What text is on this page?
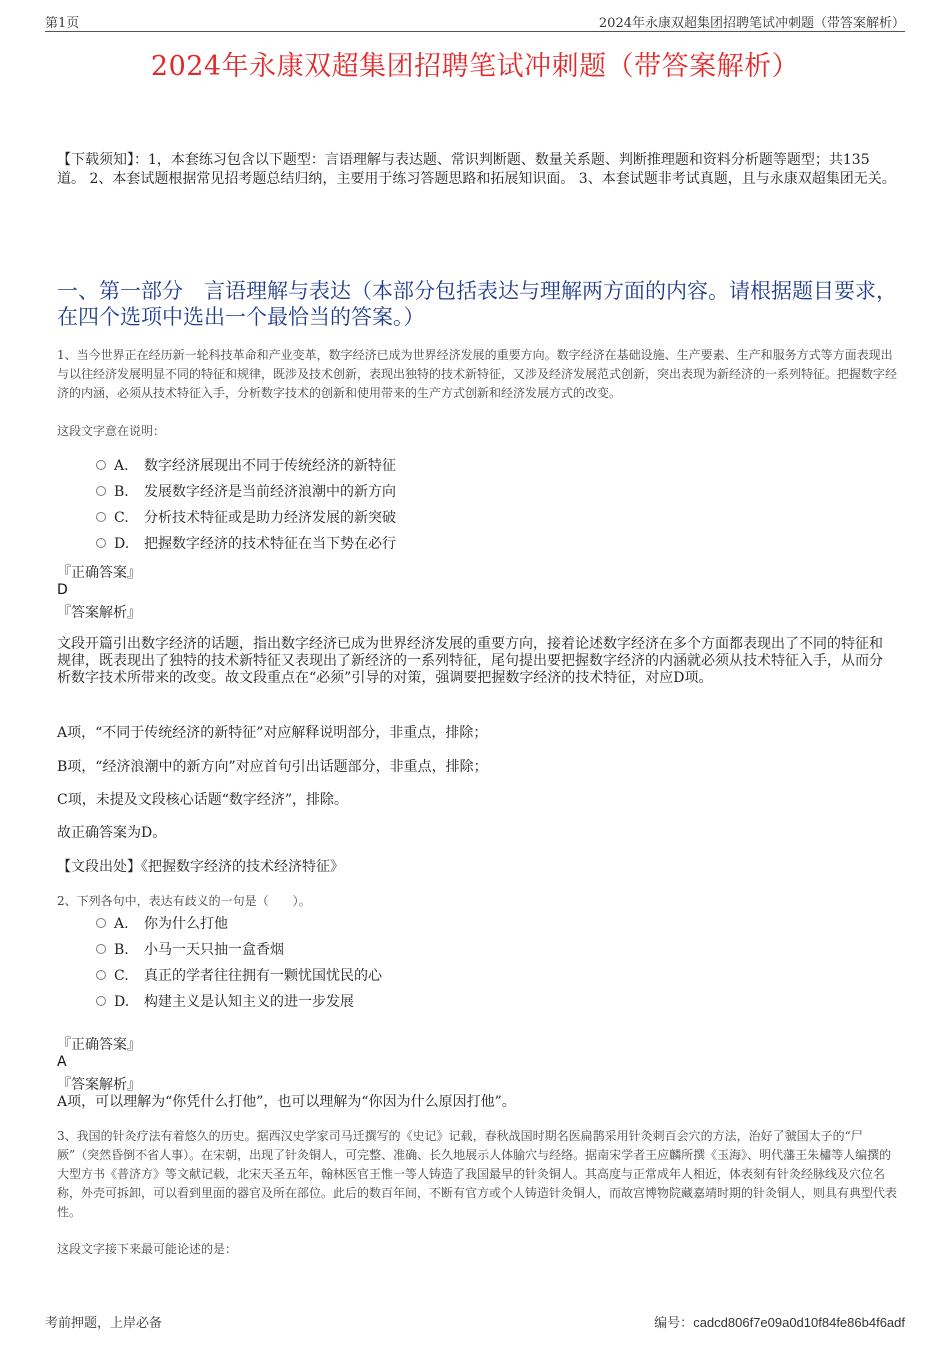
第1页	2024年永康双超集团招聘笔试冲刺题（带答案解析）
2024年永康双超集团招聘笔试冲刺题（带答案解析）
【下载须知】：1，本套练习包含以下题型：言语理解与表达题、常识判断题、数量关系题、判断推理题和资料分析题等题型；共135道。 2、本套试题根据常见招考题总结归纳，主要用于练习答题思路和拓展知识面。 3、本套试题非考试真题，且与永康双超集团无关。
一、第一部分　言语理解与表达（本部分包括表达与理解两方面的内容。请根据题目要求，在四个选项中选出一个最恰当的答案。）
1、当今世界正在经历新一轮科技革命和产业变革，数字经济已成为世界经济发展的重要方向。数字经济在基础设施、生产要素、生产和服务方式等方面表现出与以往经济发展明显不同的特征和规律，既涉及技术创新，表现出独特的技术新特征，又涉及经济发展范式创新，突出表现为新经济的一系列特征。把握数字经济的内涵，必须从技术特征入手，分析数字技术的创新和使用带来的生产方式创新和经济发展方式的改变。
这段文字意在说明：
A. 数字经济展现出不同于传统经济的新特征
B. 发展数字经济是当前经济浪潮中的新方向
C. 分析技术特征或是助力经济发展的新突破
D. 把握数字经济的技术特征在当下势在必行
『正确答案』
D
『答案解析』
文段开篇引出数字经济的话题，指出数字经济已成为世界经济发展的重要方向，接着论述数字经济在多个方面都表现出了不同的特征和规律，既表现出了独特的技术新特征又表现出了新经济的一系列特征，尾句提出要把握数字经济的内涵就必须从技术特征入手，从而分析数字技术所带来的改变。故文段重点在“必须”引导的对策，强调要把握数字经济的技术特征，对应D项。
A项，“不同于传统经济的新特征”对应解释说明部分，非重点，排除；
B项，“经济浪潮中的新方向”对应首句引出话题部分，非重点，排除；
C项，未提及文段核心话题“数字经济”，排除。
故正确答案为D。
【文段出处】《把握数字经济的技术经济特征》
2、下列各句中，表达有歧义的一句是（　　）。
A. 你为什么打他
B. 小马一天只抽一盒香烟
C. 真正的学者往往拥有一颗忧国忧民的心
D. 构建主义是认知主义的进一步发展
『正确答案』
A
『答案解析』
A项，可以理解为“你凭什么打他”，也可以理解为“你因为什么原因打他”。
3、我国的针灸疗法有着悠久的历史。据西汉史学家司马迁撰写的《史记》记载，春秋战国时期名医扁鹊采用针灸刺百会穴的方法，治好了虢国太子的“尸厥”（突然昏倒不省人事）。在宋朝，出现了针灸铜人，可完整、准确、长久地展示人体腧穴与经络。据南宋学者王应麟所撰《玉海》、明代藩王朱橚等人编撰的大型方书《普济方》等文献记载，北宋天圣五年，翰林医官王惟一等人铸造了我国最早的针灸铜人。其高度与正常成年人相近，体表刻有针灸经脉线及穴位名称，外壳可拆卸，可以看到里面的器官及所在部位。此后的数百年间，不断有官方或个人铸造针灸铜人，而故宫博物院藏嘉靖时期的针灸铜人，则具有典型代表性。
这段文字接下来最可能论述的是：
考前押题，上岸必备	编号：cadcd806f7e09a0d10f84fe86b4f6adf
